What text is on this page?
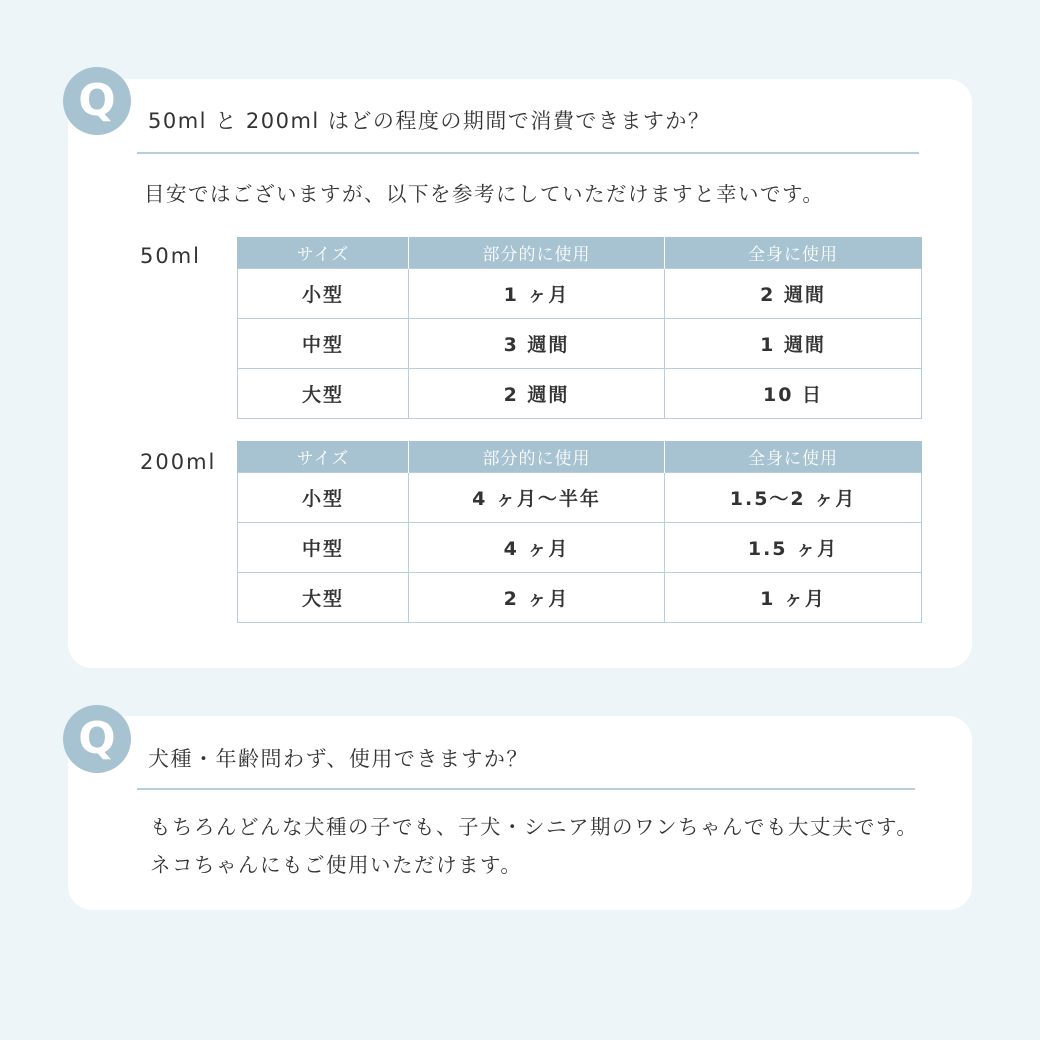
Q	50ml と 200ml はどの程度の期間で消費できますか？
目安ではございますが、以下を参考にしていただけますと幸いです。
50ml	サイズ	部分的に使用	全身に使用
小型	1 ヶ月	2 週間
中型	3 週間	1 週間
大型	2 週間	10 日
200ml	サイズ	部分的に使用	全身に使用
小型	4 ヶ月〜半年	1.5〜2 ヶ月
中型	4 ヶ月	1.5 ヶ月
大型	2 ヶ月	1 ヶ月
Q	犬種・年齢問わず、使用できますか？
もちろんどんな犬種の子でも、子犬・シニア期のワンちゃんでも大丈夫です。ネコちゃんにもご使用いただけます。
